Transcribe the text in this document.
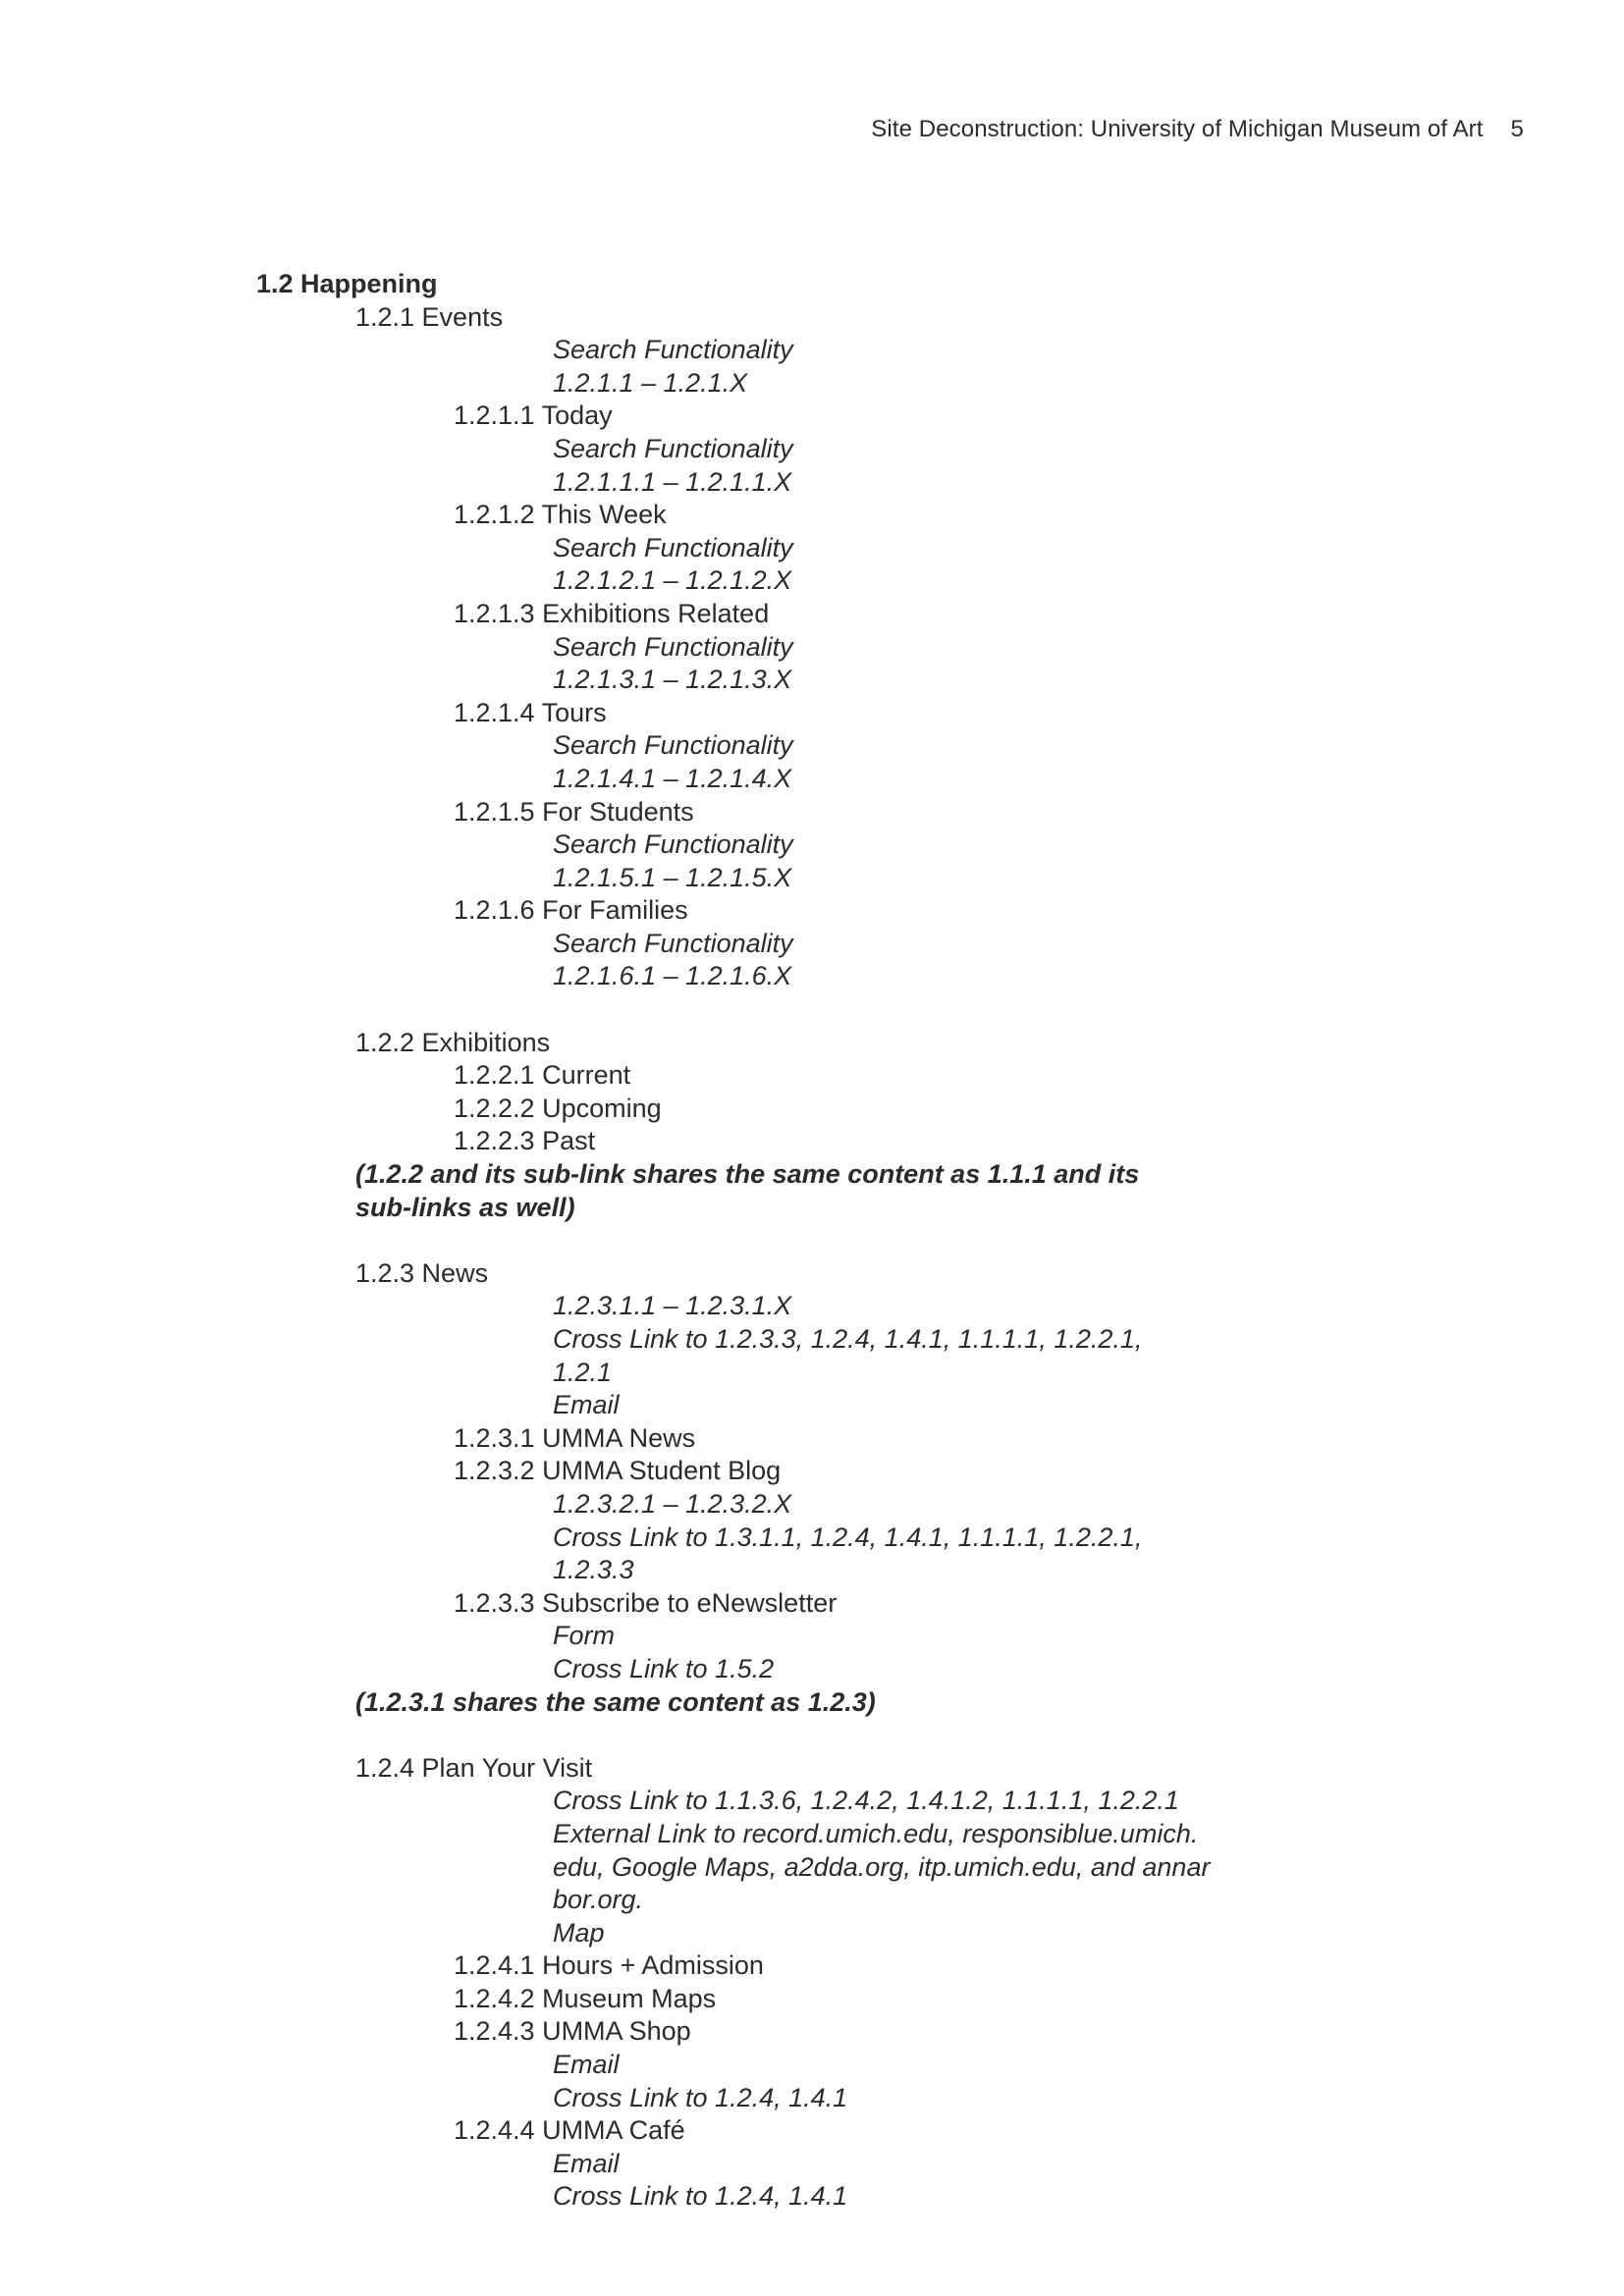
Site Deconstruction: University of Michigan Museum of Art 5
1.2 Happening
1.2.1 Events
Search Functionality
1.2.1.1 – 1.2.1.X
1.2.1.1 Today
Search Functionality
1.2.1.1.1 – 1.2.1.1.X
1.2.1.2 This Week
Search Functionality
1.2.1.2.1 – 1.2.1.2.X
1.2.1.3 Exhibitions Related
Search Functionality
1.2.1.3.1 – 1.2.1.3.X
1.2.1.4 Tours
Search Functionality
1.2.1.4.1 – 1.2.1.4.X
1.2.1.5 For Students
Search Functionality
1.2.1.5.1 – 1.2.1.5.X
1.2.1.6 For Families
Search Functionality
1.2.1.6.1 – 1.2.1.6.X
1.2.2 Exhibitions
1.2.2.1 Current
1.2.2.2 Upcoming
1.2.2.3 Past
(1.2.2 and its sub-link shares the same content as 1.1.1 and its
sub-links as well)
1.2.3 News
1.2.3.1.1 – 1.2.3.1.X
Cross Link to 1.2.3.3, 1.2.4, 1.4.1, 1.1.1.1, 1.2.2.1,
1.2.1
Email
1.2.3.1 UMMA News
1.2.3.2 UMMA Student Blog
1.2.3.2.1 – 1.2.3.2.X
Cross Link to 1.3.1.1, 1.2.4, 1.4.1, 1.1.1.1, 1.2.2.1,
1.2.3.3
1.2.3.3 Subscribe to eNewsletter
Form
Cross Link to 1.5.2
(1.2.3.1 shares the same content as 1.2.3)
1.2.4 Plan Your Visit
Cross Link to 1.1.3.6, 1.2.4.2, 1.4.1.2, 1.1.1.1, 1.2.2.1
External Link to record.umich.edu, responsiblue.umich.
edu, Google Maps, a2dda.org, itp.umich.edu, and annar
bor.org.
Map
1.2.4.1 Hours + Admission
1.2.4.2 Museum Maps
1.2.4.3 UMMA Shop
Email
Cross Link to 1.2.4, 1.4.1
1.2.4.4 UMMA Café
Email
Cross Link to 1.2.4, 1.4.1
